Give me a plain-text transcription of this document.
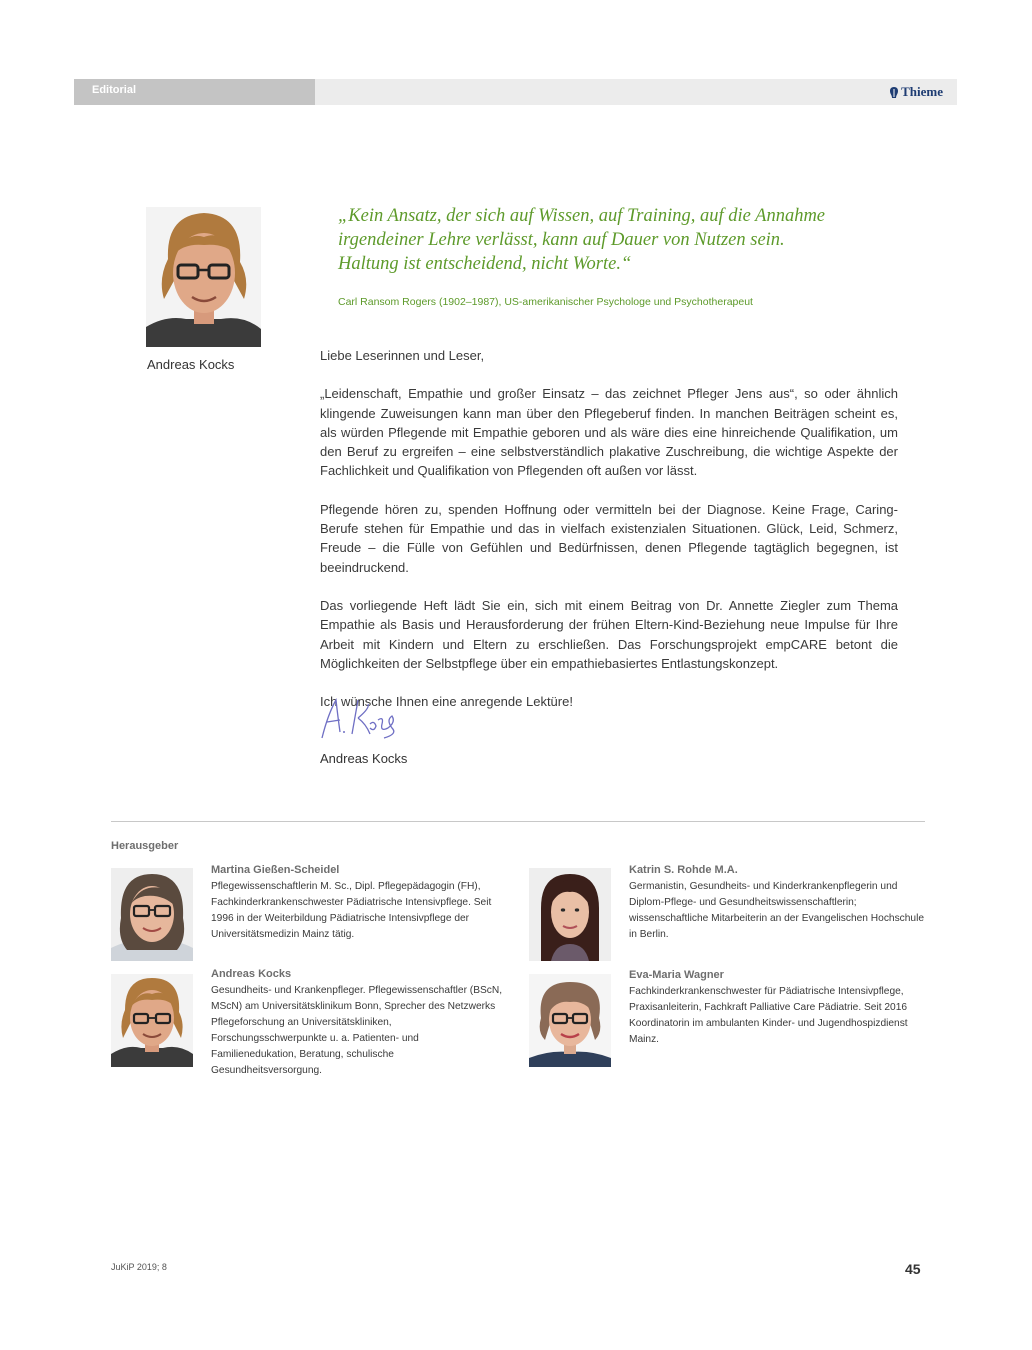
Editorial	Thieme
Andreas Kocks
„Kein Ansatz, der sich auf Wissen, auf Training, auf die Annahme
irgendeiner Lehre verlässt, kann auf Dauer von Nutzen sein.
Haltung ist entscheidend, nicht Worte.“
Carl Ransom Rogers (1902–1987), US-amerikanischer Psychologe und Psychotherapeut

Liebe Leserinnen und Leser,

„Leidenschaft, Empathie und großer Einsatz – das zeichnet Pfleger Jens aus“, so oder ähnlich klingende Zuweisungen kann man über den Pflegeberuf finden. In manchen Beiträgen scheint es, als würden Pflegende mit Empathie geboren und als wäre dies eine hinreichende Qualifikation, um den Beruf zu ergreifen – eine selbstverständlich plakative Zuschreibung, die wichtige Aspekte der Fachlichkeit und Qualifikation von Pflegenden oft außen vor lässt.

Pflegende hören zu, spenden Hoffnung oder vermitteln bei der Diagnose. Keine Frage, Caring-Berufe stehen für Empathie und das in vielfach existenzialen Situationen. Glück, Leid, Schmerz, Freude – die Fülle von Gefühlen und Bedürfnissen, denen Pflegende tagtäglich begegnen, ist beeindruckend.

Das vorliegende Heft lädt Sie ein, sich mit einem Beitrag von Dr. Annette Ziegler zum Thema Empathie als Basis und Herausforderung der frühen Eltern-Kind-Beziehung neue Impulse für Ihre Arbeit mit Kindern und Eltern zu erschließen. Das Forschungsprojekt empCARE betont die Möglichkeiten der Selbstpflege über ein empathiebasiertes Entlastungskonzept.

Ich wünsche Ihnen eine anregende Lektüre!

Andreas Kocks
Herausgeber
Martina Gießen-Scheidel
Pflegewissenschaftlerin M. Sc., Dipl. Pflegepädagogin (FH), Fachkinderkrankenschwester Pädiatrische Intensivpflege. Seit 1996 in der Weiterbildung Pädiatrische Intensivpflege der Universitätsmedizin Mainz tätig.
Katrin S. Rohde M.A.
Germanistin, Gesundheits- und Kinderkrankenpflegerin und Diplom-Pflege- und Gesundheitswissenschaftlerin; wissenschaftliche Mitarbeiterin an der Evangelischen Hochschule in Berlin.
Andreas Kocks
Gesundheits- und Krankenpfleger. Pflegewissenschaftler (BScN, MScN) am Universitätsklinikum Bonn, Sprecher des Netzwerks Pflegeforschung an Universitätskliniken, Forschungsschwerpunkte u. a. Patienten- und Familienedukation, Beratung, schulische Gesundheitsversorgung.
Eva-Maria Wagner
Fachkinderkrankenschwester für Pädiatrische Intensivpflege, Praxisanleiterin, Fachkraft Palliative Care Pädiatrie. Seit 2016 Koordinatorin im ambulanten Kinder- und Jugendhospizdienst Mainz.
JuKiP 2019; 8	45
